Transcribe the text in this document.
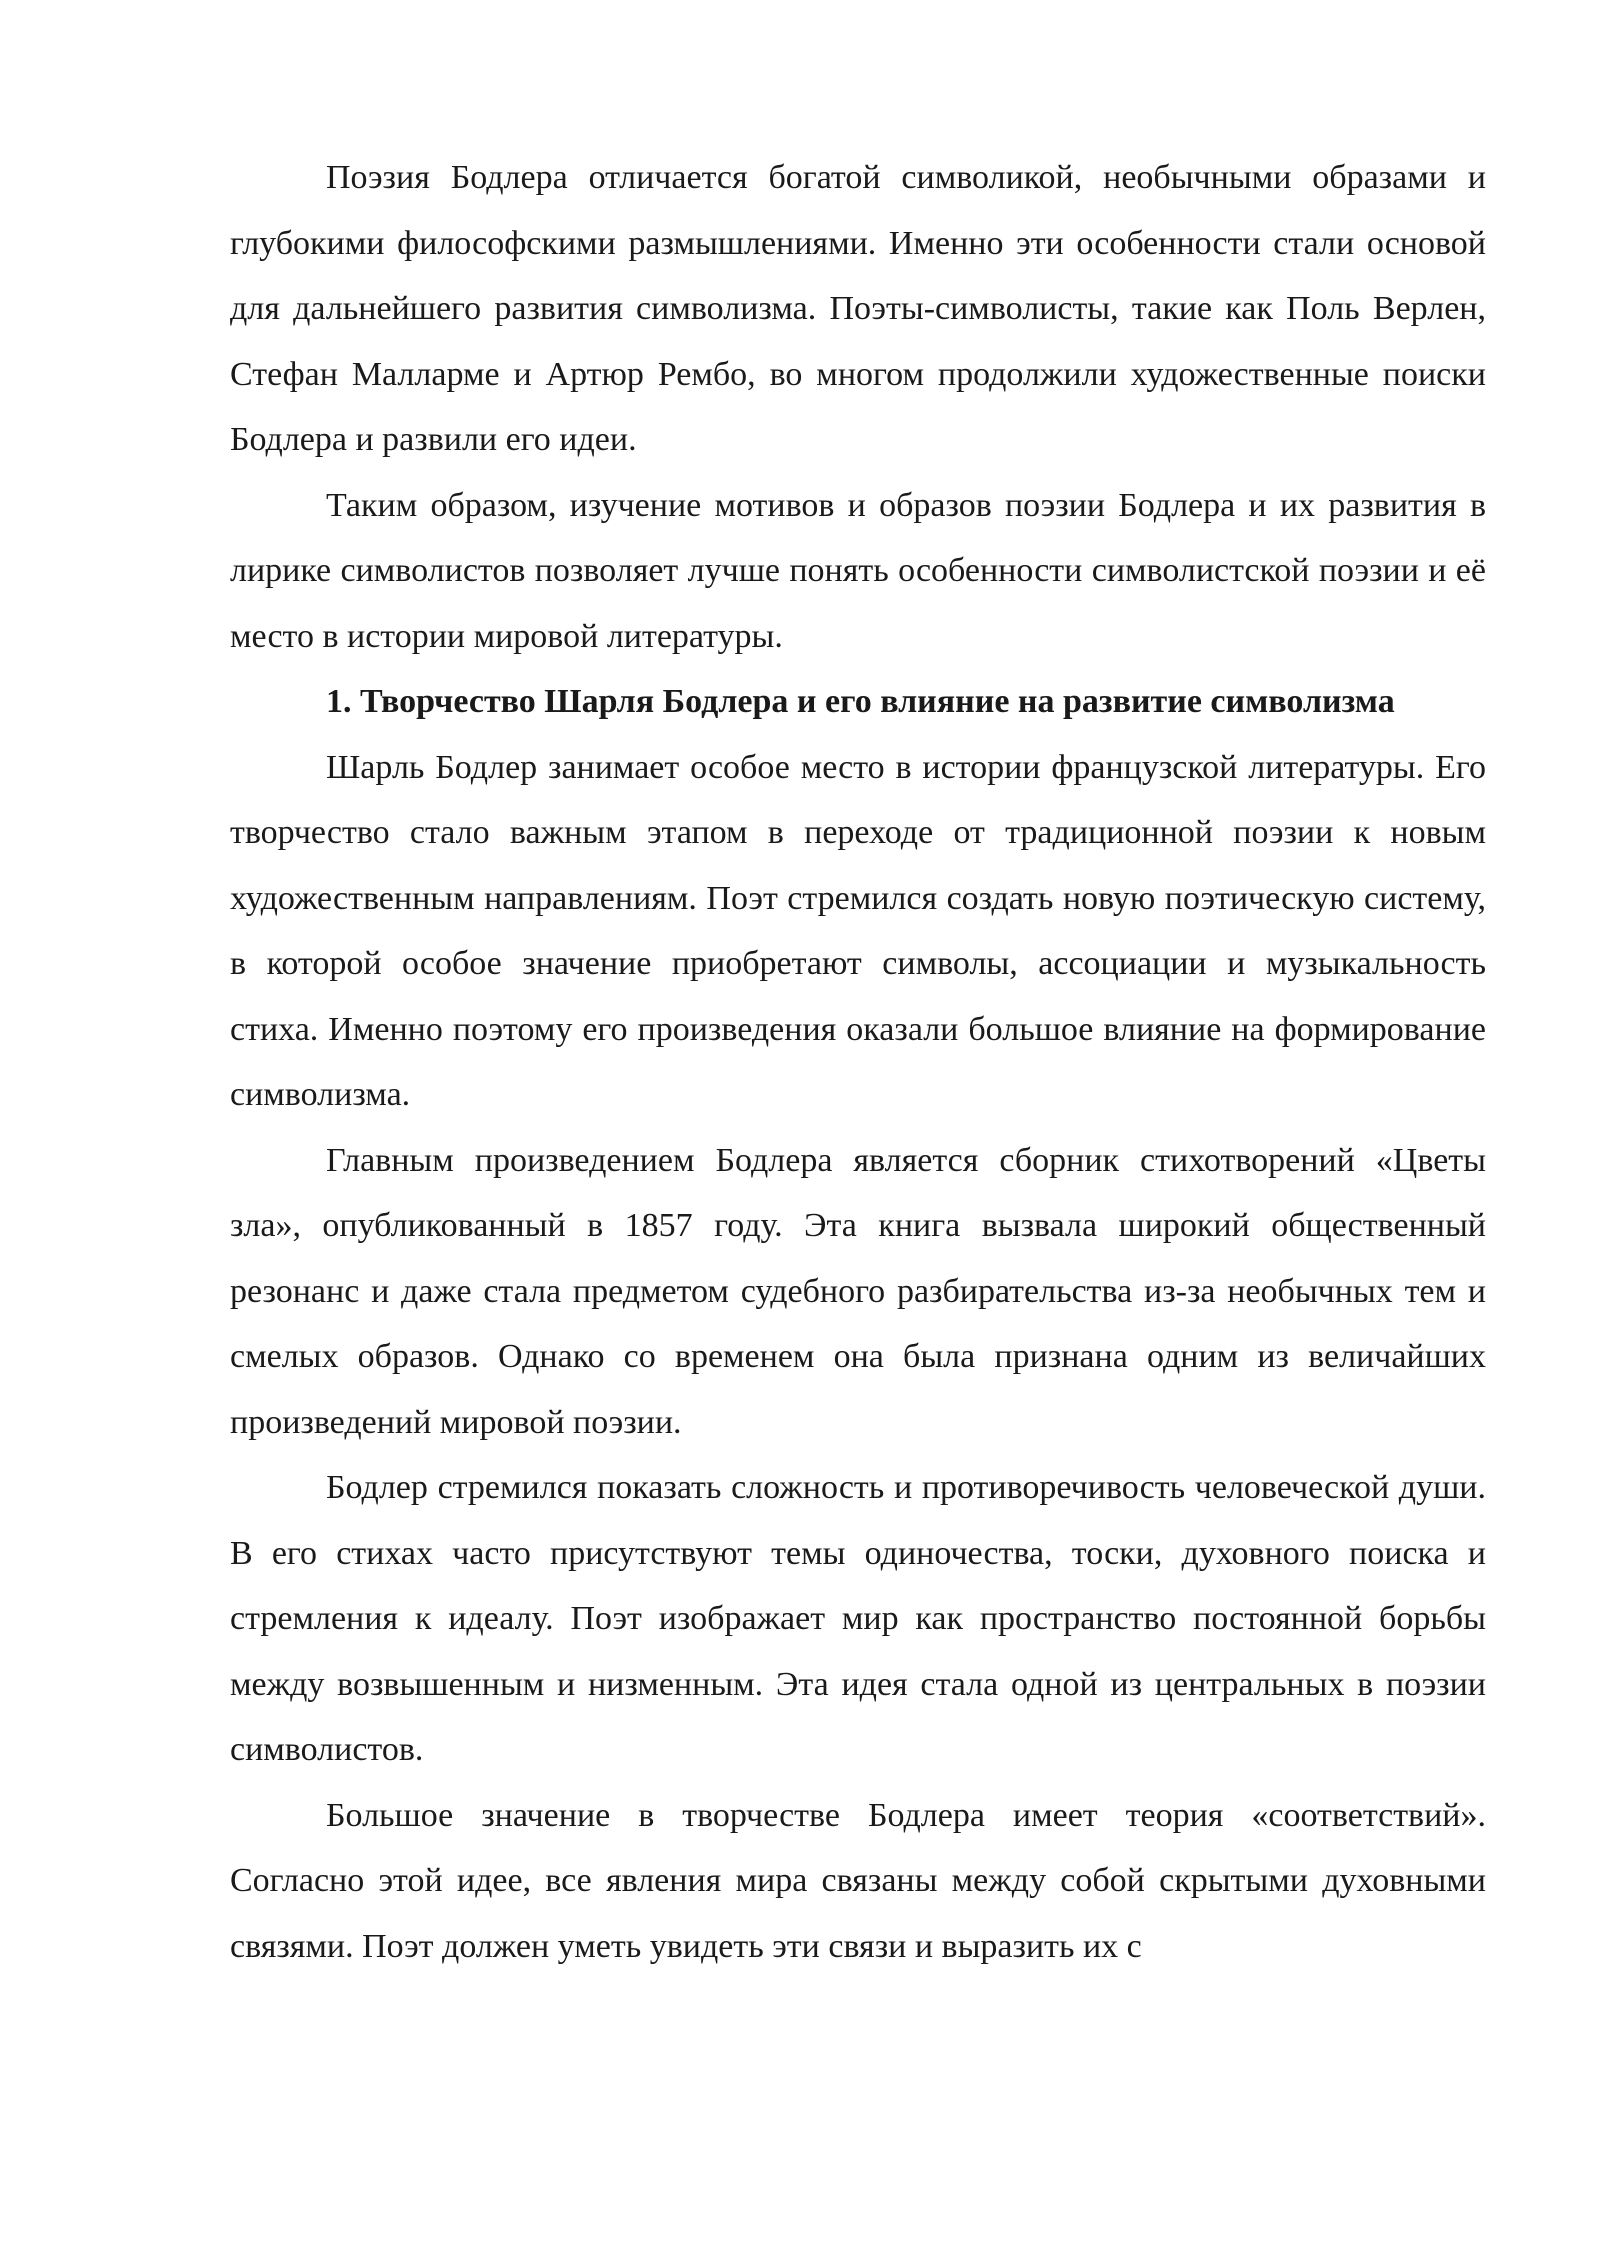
Поэзия Бодлера отличается богатой символикой, необычными образами и глубокими философскими размышлениями. Именно эти особенности стали основой для дальнейшего развития символизма. Поэты-символисты, такие как Поль Верлен, Стефан Малларме и Артюр Рембо, во многом продолжили художественные поиски Бодлера и развили его идеи.

Таким образом, изучение мотивов и образов поэзии Бодлера и их развития в лирике символистов позволяет лучше понять особенности символистской поэзии и её место в истории мировой литературы.

1. Творчество Шарля Бодлера и его влияние на развитие символизма

Шарль Бодлер занимает особое место в истории французской литературы. Его творчество стало важным этапом в переходе от традиционной поэзии к новым художественным направлениям. Поэт стремился создать новую поэтическую систему, в которой особое значение приобретают символы, ассоциации и музыкальность стиха. Именно поэтому его произведения оказали большое влияние на формирование символизма.

Главным произведением Бодлера является сборник стихотворений «Цветы зла», опубликованный в 1857 году. Эта книга вызвала широкий общественный резонанс и даже стала предметом судебного разбирательства из-за необычных тем и смелых образов. Однако со временем она была признана одним из величайших произведений мировой поэзии.

Бодлер стремился показать сложность и противоречивость человеческой души. В его стихах часто присутствуют темы одиночества, тоски, духовного поиска и стремления к идеалу. Поэт изображает мир как пространство постоянной борьбы между возвышенным и низменным. Эта идея стала одной из центральных в поэзии символистов.

Большое значение в творчестве Бодлера имеет теория «соответствий». Согласно этой идее, все явления мира связаны между собой скрытыми духовными связями. Поэт должен уметь увидеть эти связи и выразить их с
